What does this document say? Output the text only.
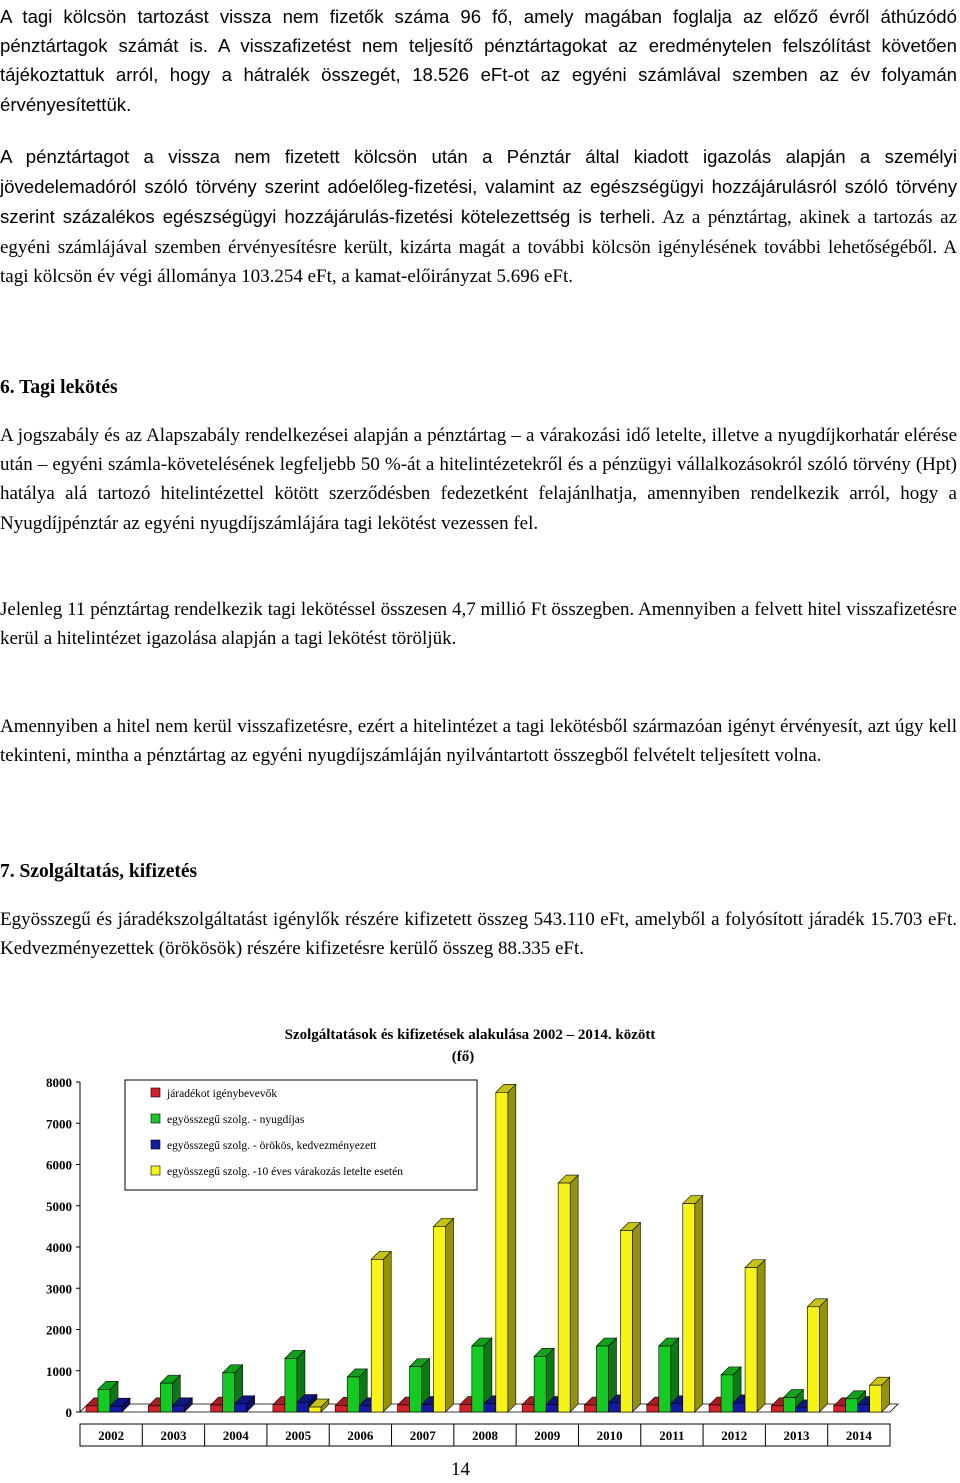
A tagi kölcsön tartozást vissza nem fizetők száma 96 fő, amely magában foglalja az előző évről áthúzódó pénztártagok számát is. A visszafizetést nem teljesítő pénztártagokat az eredménytelen felszólítást követően tájékoztattuk arról, hogy a hátralék összegét, 18.526 eFt-ot az egyéni számlával szemben az év folyamán érvényesítettük.

A pénztártagot a vissza nem fizetett kölcsön után a Pénztár által kiadott igazolás alapján a személyi jövedelemadóról szóló törvény szerint adóelőleg-fizetési, valamint az egészségügyi hozzájárulásról szóló törvény szerint százalékos egészségügyi hozzájárulás-fizetési kötelezettség is terheli. Az a pénztártag, akinek a tartozás az egyéni számlájával szemben érvényesítésre került, kizárta magát a további kölcsön igénylésének további lehetőségéből. A tagi kölcsön év végi állománya 103.254 eFt, a kamat-előirányzat 5.696 eFt.

6. Tagi lekötés

A jogszabály és az Alapszabály rendelkezései alapján a pénztártag – a várakozási idő letelte, illetve a nyugdíjkorhatár elérése után – egyéni számla-követelésének legfeljebb 50 %-át a hitelintézetekről és a pénzügyi vállalkozásokról szóló törvény (Hpt) hatálya alá tartozó hitelintézettel kötött szerződésben fedezetként felajánlhatja, amennyiben rendelkezik arról, hogy a Nyugdíjpénztár az egyéni nyugdíjszámlájára tagi lekötést vezessen fel.

Jelenleg 11 pénztártag rendelkezik tagi lekötéssel összesen 4,7 millió Ft összegben. Amennyiben a felvett hitel visszafizetésre kerül a hitelintézet igazolása alapján a tagi lekötést töröljük.

Amennyiben a hitel nem kerül visszafizetésre, ezért a hitelintézet a tagi lekötésből származóan igényt érvényesít, azt úgy kell tekinteni, mintha a pénztártag az egyéni nyugdíjszámláján nyilvántartott összegből felvételt teljesített volna.

7. Szolgáltatás, kifizetés

Egyösszegű és járadékszolgáltatást igénylők részére kifizetett összeg 543.110 eFt, amelyből a folyósított járadék 15.703 eFt. Kedvezményezettek (örökösök) részére kifizetésre kerülő összeg 88.335 eFt.

Szolgáltatások és kifizetések alakulása 2002 – 2014. között
(fő)
0
1000
2000
3000
4000
5000
6000
7000
8000
2002	2003	2004	2005	2006	2007	2008	2009	2010	2011	2012	2013	2014
járadékot igénybevevők
egyösszegű szolg. - nyugdíjas
egyösszegű szolg. - örökös, kedvezményezett
egyösszegű szolg. -10 éves várakozás letelte esetén
14
